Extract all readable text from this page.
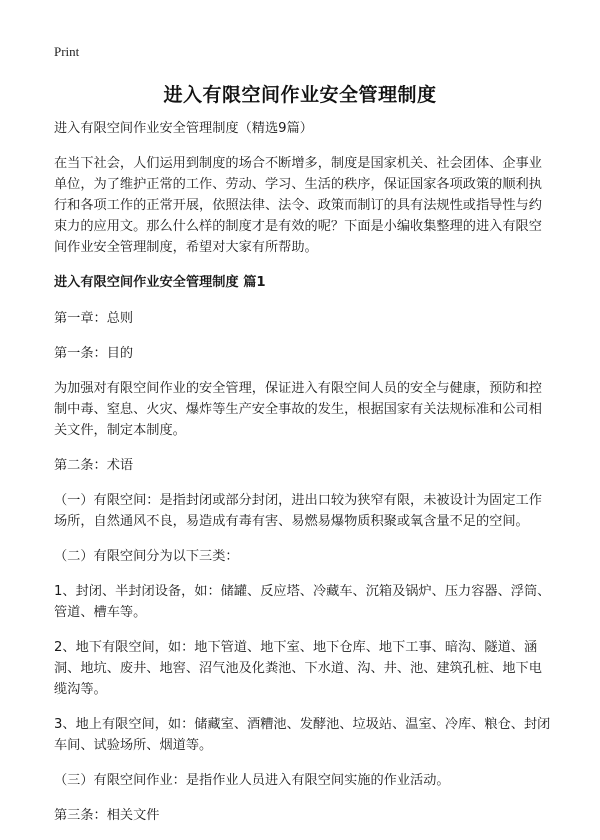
Print
进入有限空间作业安全管理制度

进入有限空间作业安全管理制度（精选9篇）

在当下社会，人们运用到制度的场合不断增多，制度是国家机关、社会团体、企事业单位，为了维护正常的工作、劳动、学习、生活的秩序，保证国家各项政策的顺利执行和各项工作的正常开展，依照法律、法令、政策而制订的具有法规性或指导性与约束力的应用文。那么什么样的制度才是有效的呢？下面是小编收集整理的进入有限空间作业安全管理制度，希望对大家有所帮助。

进入有限空间作业安全管理制度 篇1

第一章：总则

第一条：目的

为加强对有限空间作业的安全管理，保证进入有限空间人员的安全与健康，预防和控制中毒、窒息、火灾、爆炸等生产安全事故的发生，根据国家有关法规标准和公司相关文件，制定本制度。

第二条：术语

（一）有限空间：是指封闭或部分封闭，进出口较为狭窄有限，未被设计为固定工作场所，自然通风不良，易造成有毒有害、易燃易爆物质积聚或氧含量不足的空间。

（二）有限空间分为以下三类：

1、封闭、半封闭设备，如：储罐、反应塔、冷藏车、沉箱及锅炉、压力容器、浮筒、管道、槽车等。

2、地下有限空间，如：地下管道、地下室、地下仓库、地下工事、暗沟、隧道、涵洞、地坑、废井、地窖、沼气池及化粪池、下水道、沟、井、池、建筑孔桩、地下电缆沟等。

3、地上有限空间，如：储藏室、酒糟池、发酵池、垃圾站、温室、冷库、粮仓、封闭车间、试验场所、烟道等。

（三）有限空间作业：是指作业人员进入有限空间实施的作业活动。

第三条：相关文件
